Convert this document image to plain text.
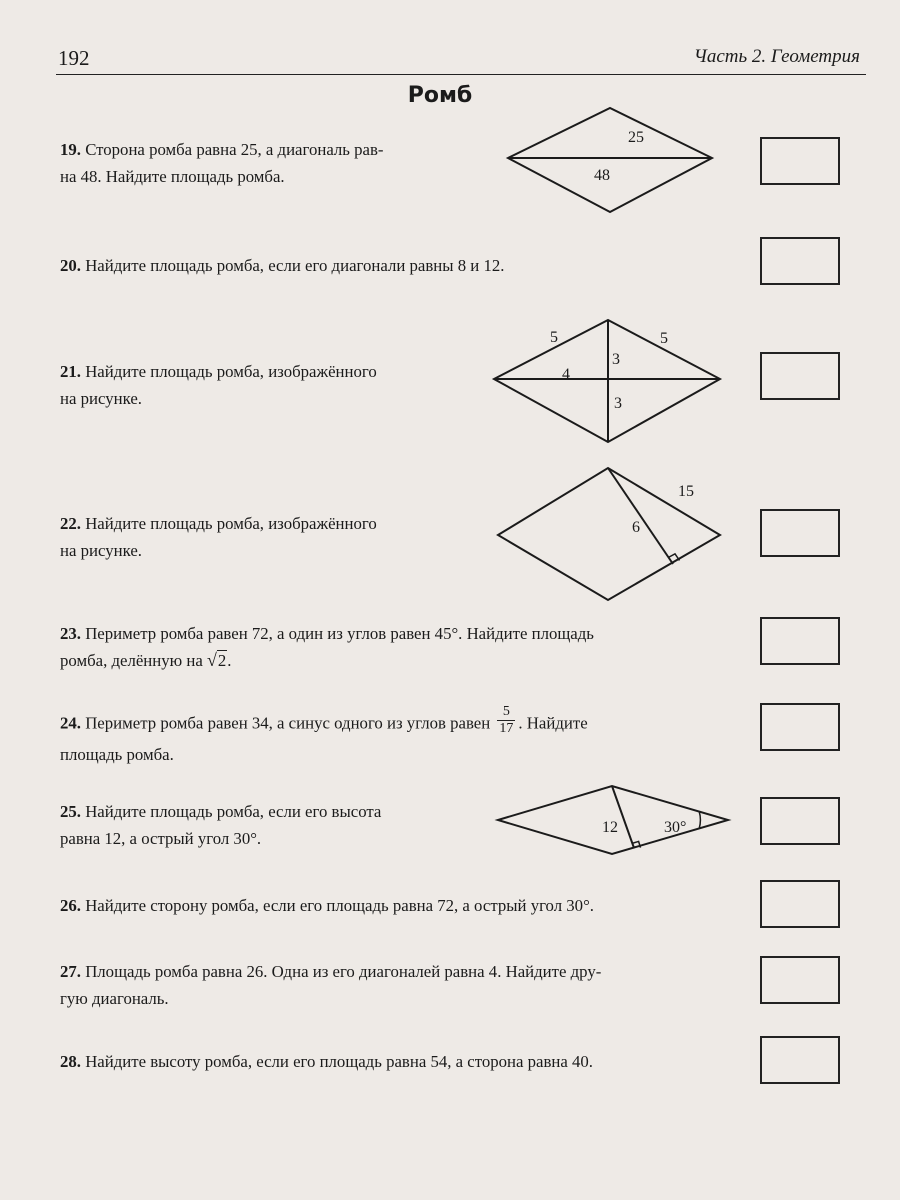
192	Часть 2. Геометрия
Ромб
19. Сторона ромба равна 25, а диагональ рав-
на 48. Найдите площадь ромба.
25
48
20. Найдите площадь ромба, если его диагонали равны 8 и 12.
21. Найдите площадь ромба, изображённого
на рисунке.
5	5
3
4
3
22. Найдите площадь ромба, изображённого
на рисунке.
15
6
23. Периметр ромба равен 72, а один из углов равен 45°. Найдите площадь
ромба, делённую на √2.
24. Периметр ромба равен 34, а синус одного из углов равен $\frac{5}{17}$ . Найдите
площадь ромба.
25. Найдите площадь ромба, если его высота
равна 12, а острый угол 30°.
12	30°
26. Найдите сторону ромба, если его площадь равна 72, а острый угол 30°.
27. Площадь ромба равна 26. Одна из его диагоналей равна 4. Найдите дру-
гую диагональ.
28. Найдите высоту ромба, если его площадь равна 54, а сторона равна 40.
